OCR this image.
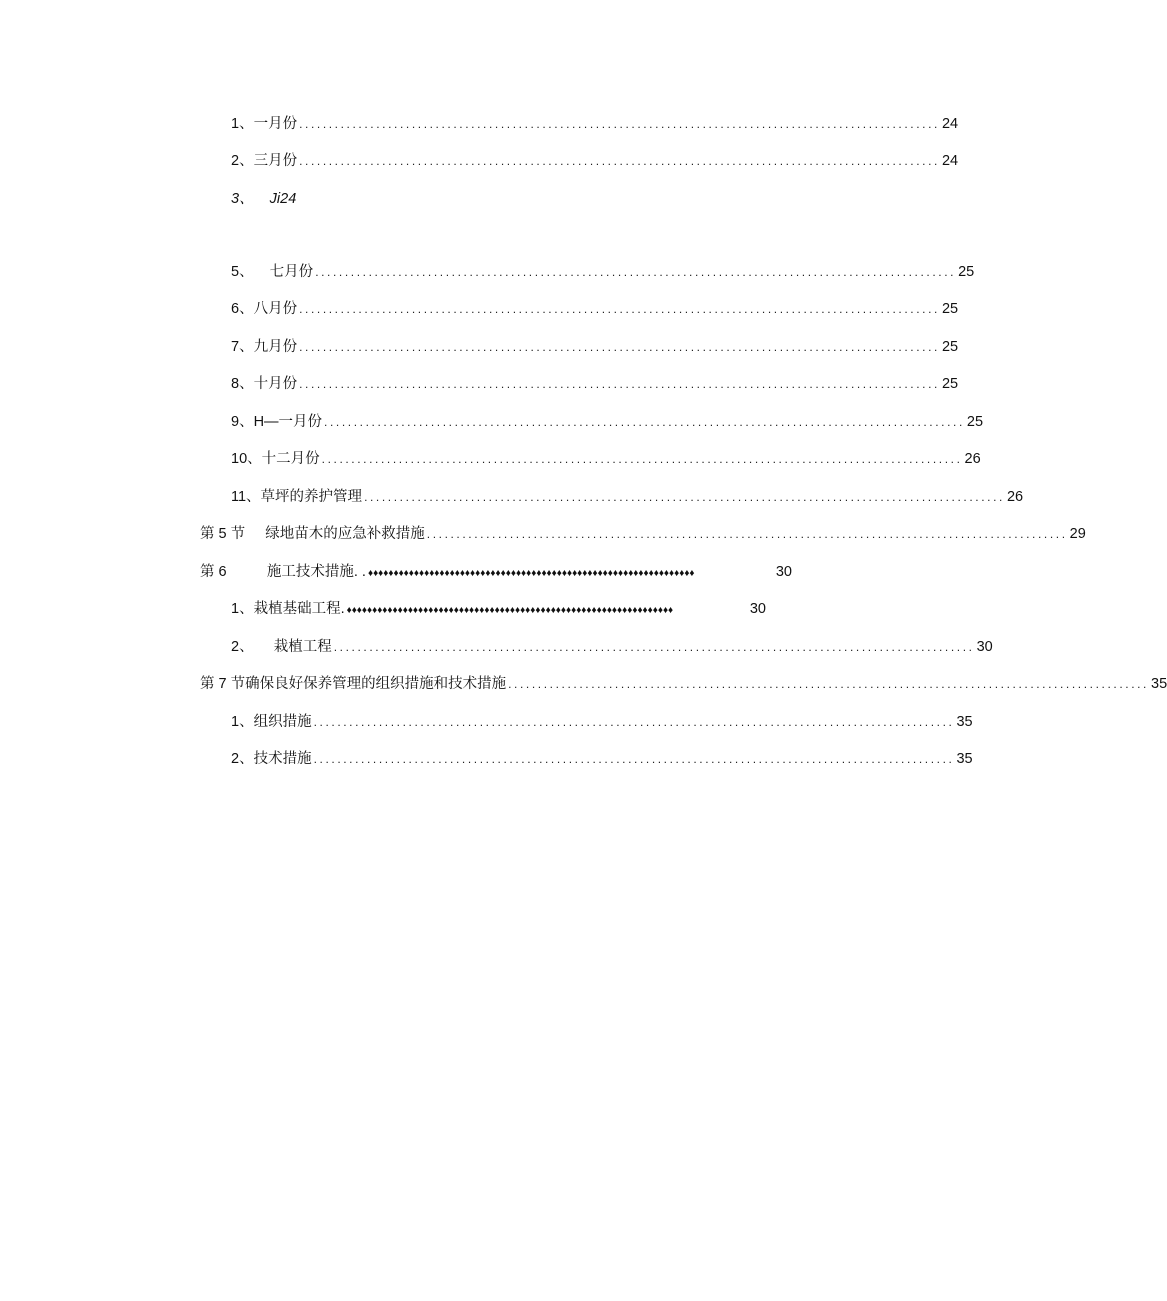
1、一月份 ............................................................................................................ 24
2、三月份 ............................................................................................................ 24
3、    Ji24
5、    七月份 ............................................................................................................ 25
6、八月份 ............................................................................................................ 25
7、九月份 ............................................................................................................ 25
8、十月份 ............................................................................................................ 25
9、H—一月份 ............................................................................................................ 25
10、十二月份 ............................................................................................................ 26
11、草坪的养护管理 ............................................................................................................ 26
第 5 节     绿地苗木的应急补救措施 ............................................................................................................ 29
第 6          施工技术措施. . ♦♦♦♦♦♦♦♦♦♦♦♦♦♦♦♦♦♦♦♦♦♦♦♦♦♦♦♦♦♦♦♦♦♦♦♦♦♦♦♦♦♦♦♦♦♦♦♦♦♦♦♦♦♦♦♦♦♦♦♦♦♦♦♦	30
1、栽植基础工程. ♦♦♦♦♦♦♦♦♦♦♦♦♦♦♦♦♦♦♦♦♦♦♦♦♦♦♦♦♦♦♦♦♦♦♦♦♦♦♦♦♦♦♦♦♦♦♦♦♦♦♦♦♦♦♦♦♦♦♦♦♦♦♦♦	30
2、     栽植工程 ............................................................................................................ 30
第 7 节确保良好保养管理的组织措施和技术措施 ............................................................................................................ 35
1、组织措施 ............................................................................................................ 35
2、技术措施 ............................................................................................................ 35
